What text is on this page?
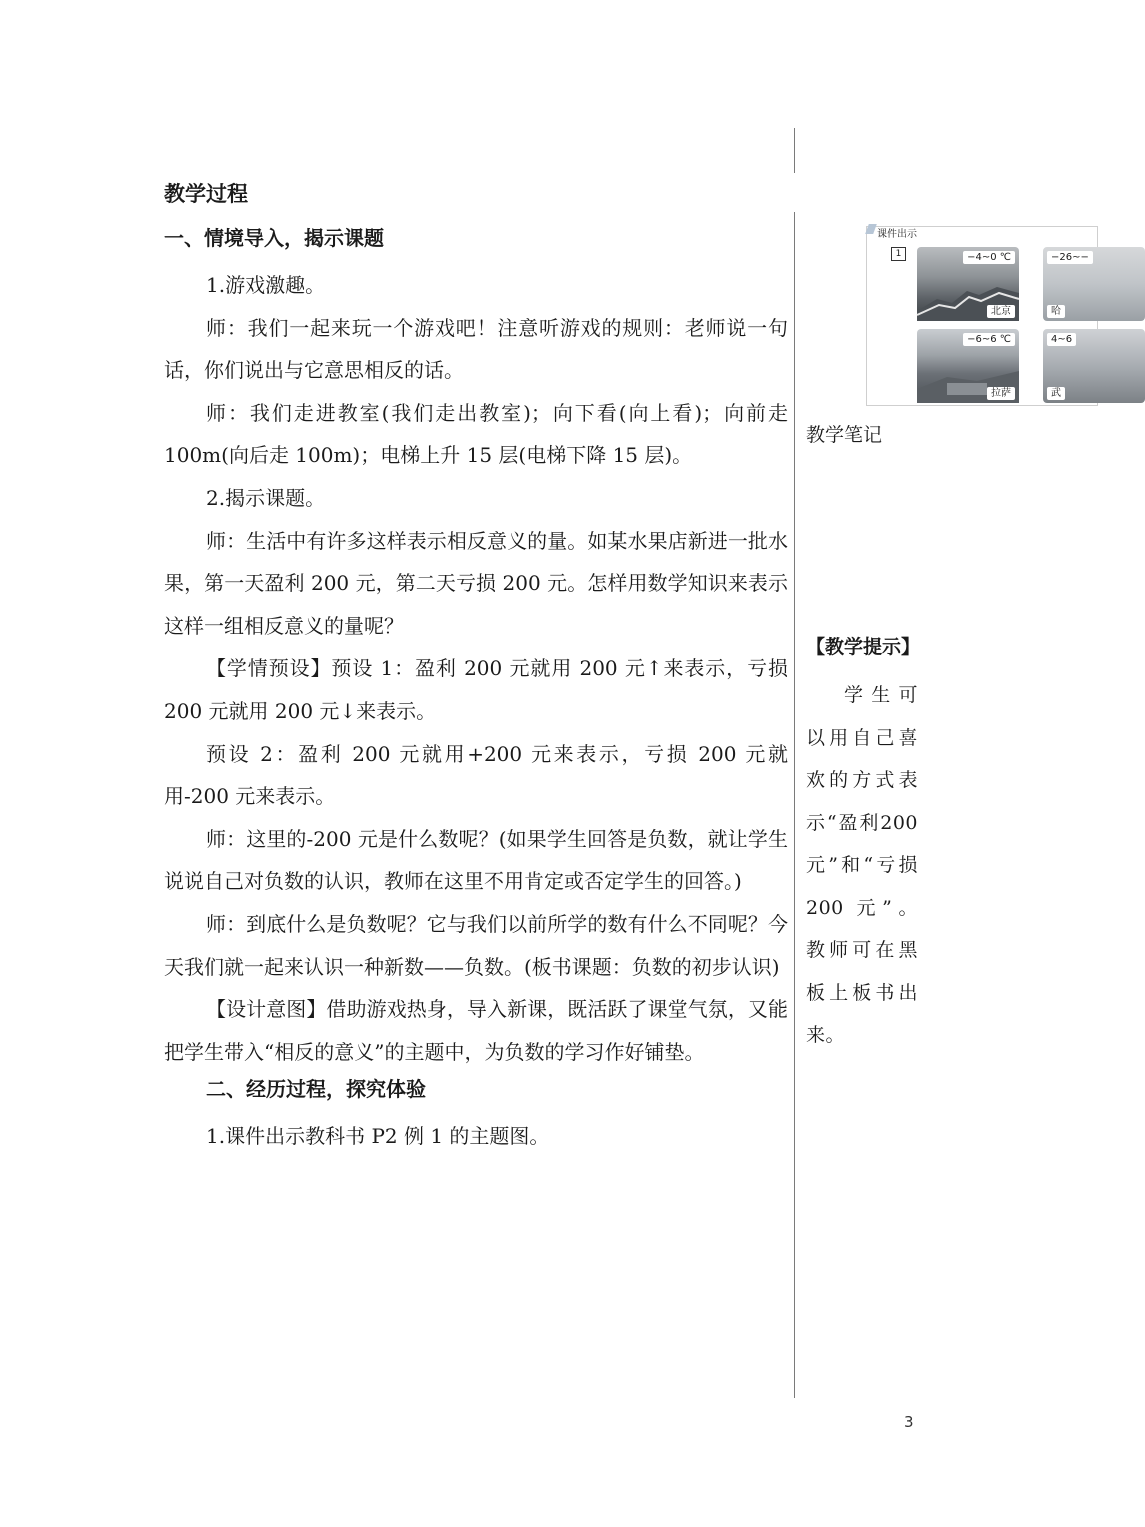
教学过程
一、情境导入，揭示课题

1.游戏激趣。

师：我们一起来玩一个游戏吧！注意听游戏的规则：老师说一句话，你们说出与它意思相反的话。

师：我们走进教室(我们走出教室)；向下看(向上看)；向前走100m(向后走 100m)；电梯上升 15 层(电梯下降 15 层)。

2.揭示课题。

师：生活中有许多这样表示相反意义的量。如某水果店新进一批水果，第一天盈利 200 元，第二天亏损 200 元。怎样用数学知识来表示这样一组相反意义的量呢？

【学情预设】预设 1：盈利 200 元就用 200 元↑来表示，亏损 200 元就用 200 元↓来表示。

预设 2：盈利 200 元就用+200 元来表示，亏损 200 元就用-200 元来表示。

师：这里的-200 元是什么数呢？(如果学生回答是负数，就让学生说说自己对负数的认识，教师在这里不用肯定或否定学生的回答。)

师：到底什么是负数呢？它与我们以前所学的数有什么不同呢？今天我们就一起来认识一种新数——负数。(板书课题：负数的初步认识)

【设计意图】借助游戏热身，导入新课，既活跃了课堂气氛，又能把学生带入“相反的意义”的主题中，为负数的学习作好铺垫。

二、经历过程，探究体验

1.课件出示教科书 P2 例 1 的主题图。

课件出示
1	−4~0 ℃
北京
−26~−
哈
−6~6 ℃
拉萨
4~6
武
教学笔记
【教学提示】
学生可以用自己喜欢的方式表示“盈利200元”和“亏损200 元”。教师可在黑板上板书出来。
3
